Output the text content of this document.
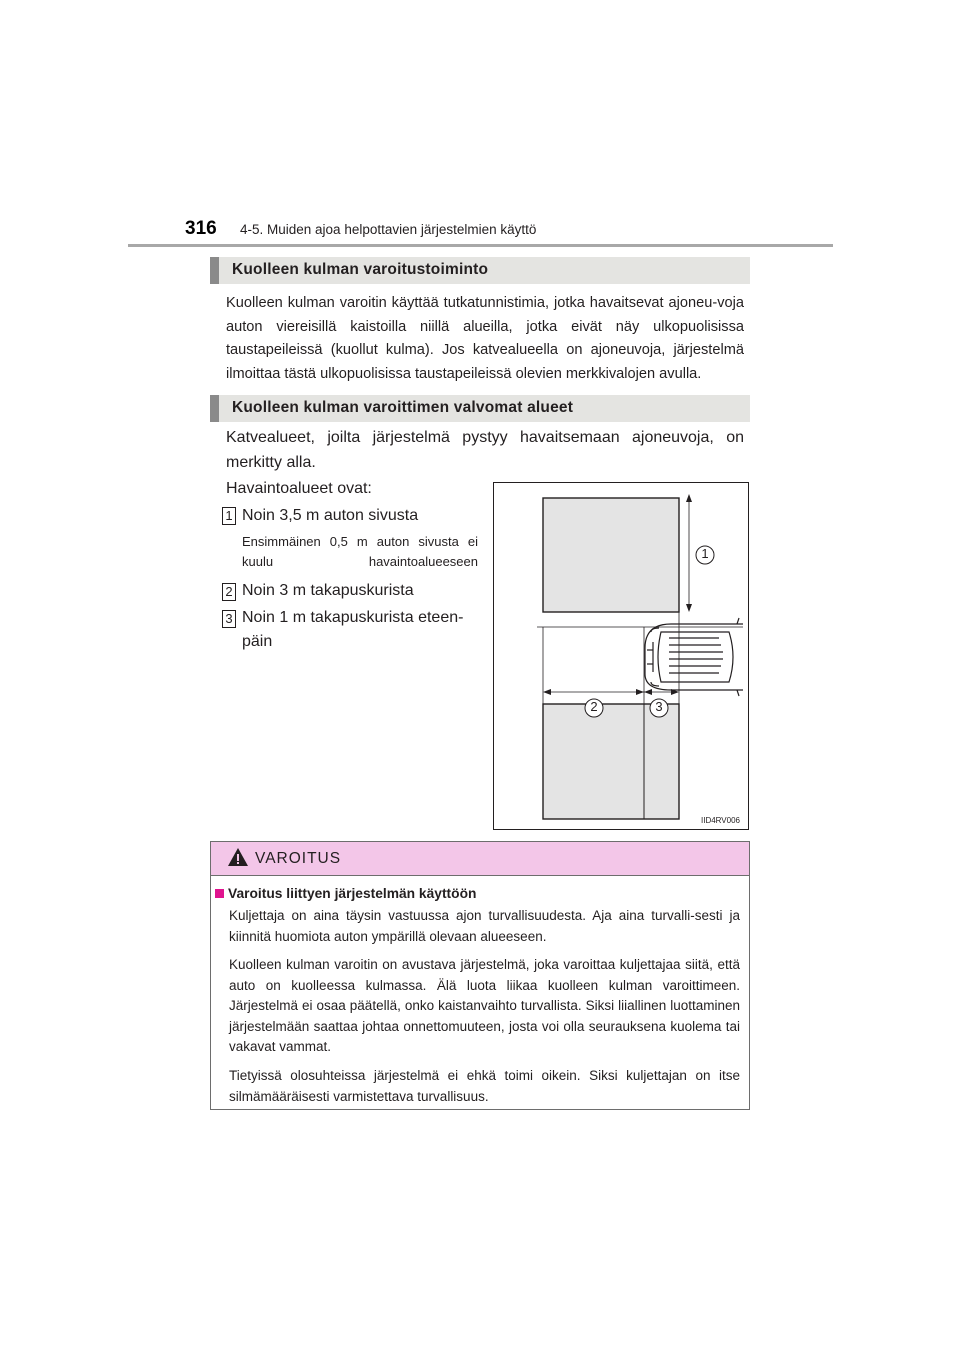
316 4-5. Muiden ajoa helpottavien järjestelmien käyttö
Kuolleen kulman varoitustoiminto
Kuolleen kulman varoitin käyttää tutkatunnistimia, jotka havaitsevat ajoneu-voja auton viereisillä kaistoilla niillä alueilla, jotka eivät näy ulkopuolisissa taustapeileissä (kuollut kulma). Jos katvealueella on ajoneuvoja, järjestelmä ilmoittaa tästä ulkopuolisissa taustapeileissä olevien merkkivalojen avulla.
Kuolleen kulman varoittimen valvomat alueet
Katvealueet, joilta järjestelmä pystyy havaitsemaan ajoneuvoja, on merkitty alla.
Havaintoalueet ovat:
1 Noin 3,5 m auton sivusta
Ensimmäinen 0,5 m auton sivusta ei kuulu havaintoalueeseen
2 Noin 3 m takapuskurista
3 Noin 1 m takapuskurista eteen-
päin
1
2	3
IID4RV006
VAROITUS
Varoitus liittyen järjestelmän käyttöön
Kuljettaja on aina täysin vastuussa ajon turvallisuudesta. Aja aina turvalli-sesti ja kiinnitä huomiota auton ympärillä olevaan alueeseen.
Kuolleen kulman varoitin on avustava järjestelmä, joka varoittaa kuljettajaa siitä, että auto on kuolleessa kulmassa. Älä luota liikaa kuolleen kulman varoittimeen. Järjestelmä ei osaa päätellä, onko kaistanvaihto turvallista. Siksi liiallinen luottaminen järjestelmään saattaa johtaa onnettomuuteen, josta voi olla seurauksena kuolema tai vakavat vammat.
Tietyissä olosuhteissa järjestelmä ei ehkä toimi oikein. Siksi kuljettajan on itse silmämääräisesti varmistettava turvallisuus.
